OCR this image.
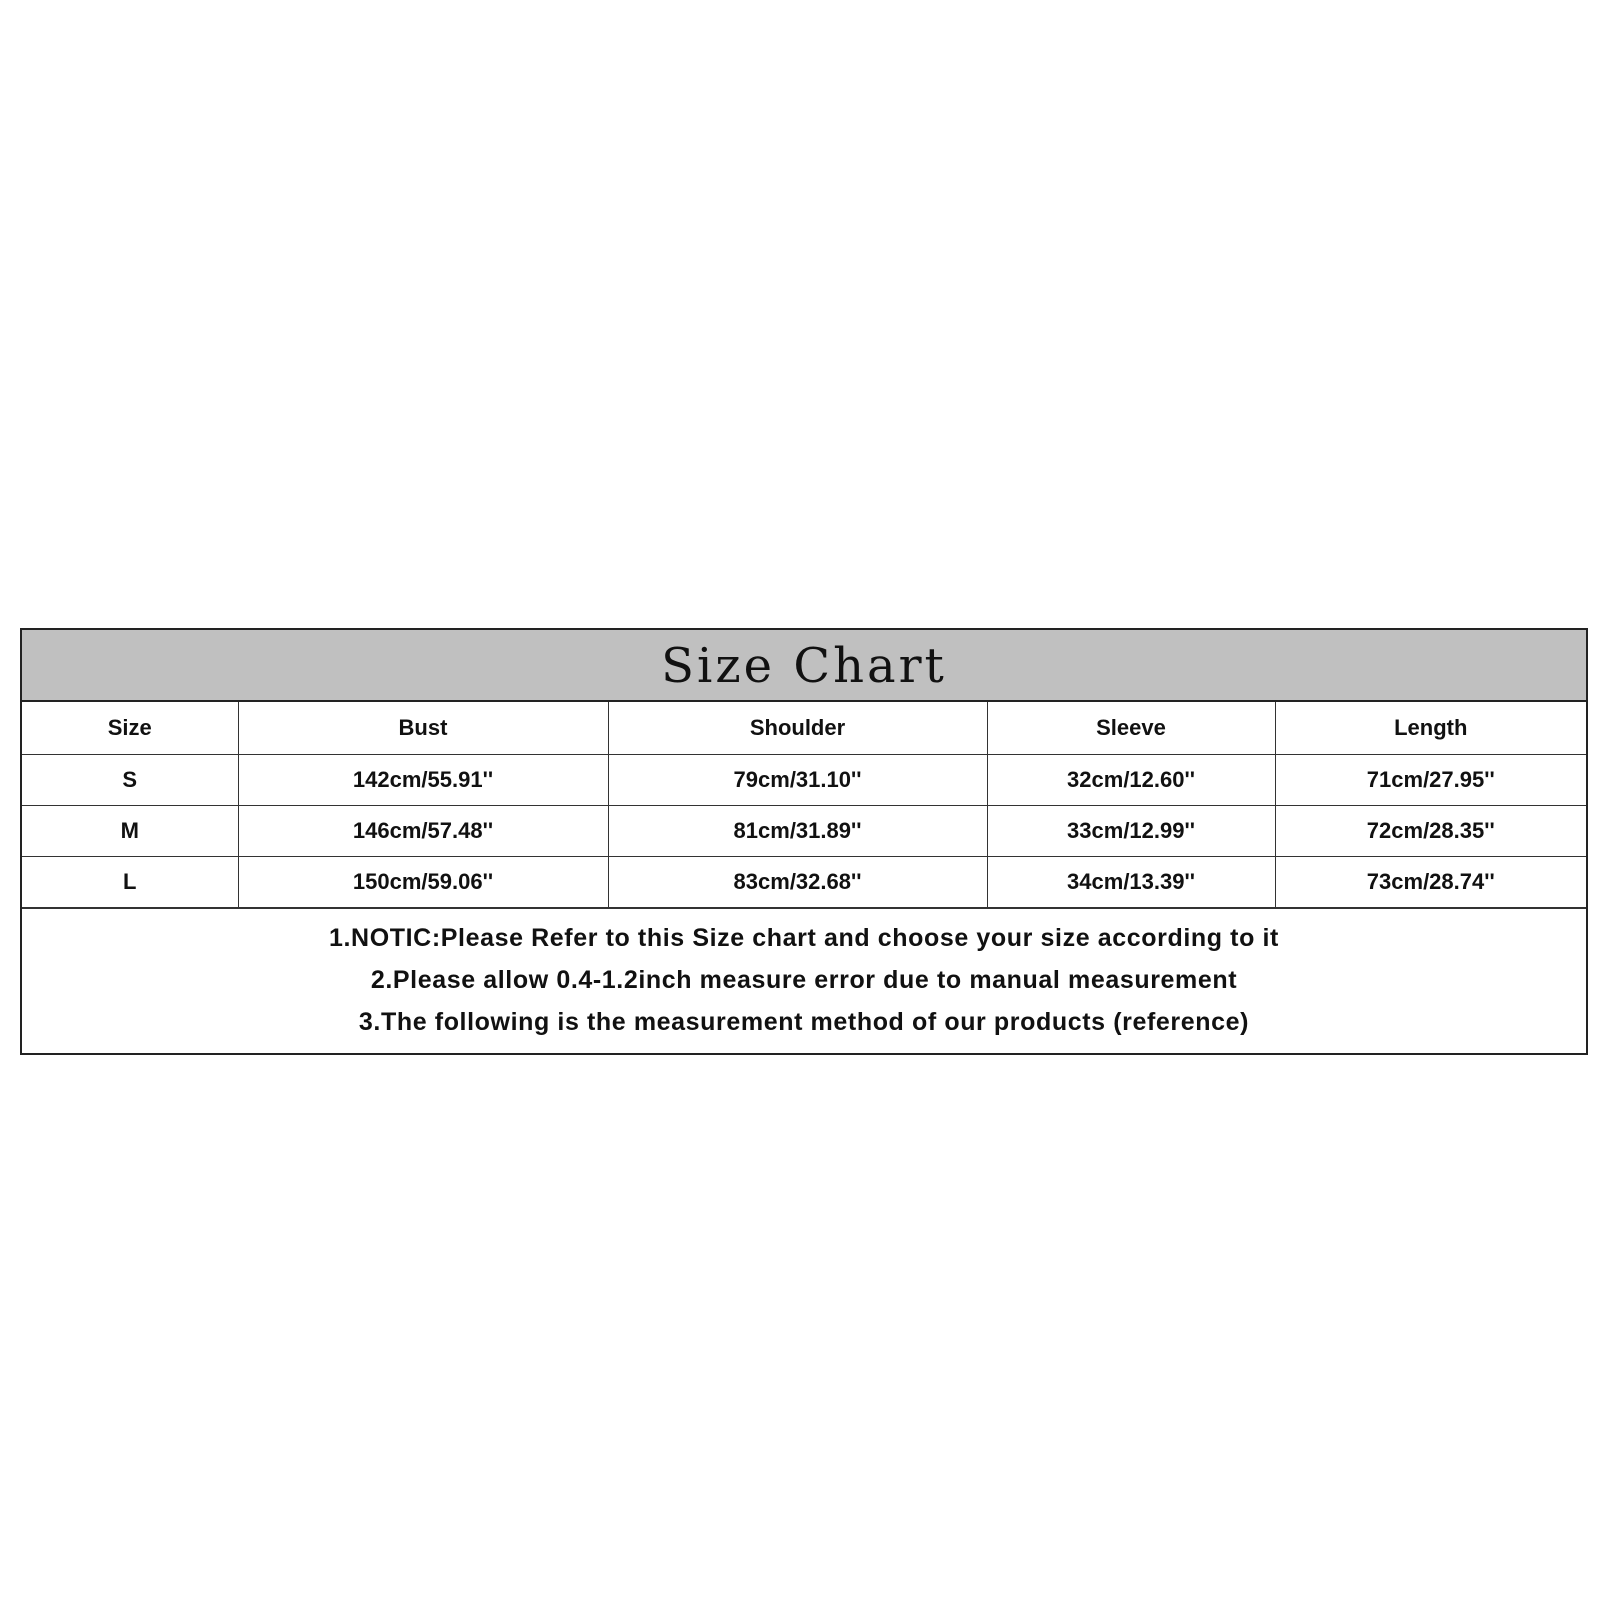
Size Chart
Size	Bust	Shoulder	Sleeve	Length
S	142cm/55.91''	79cm/31.10''	32cm/12.60''	71cm/27.95''
M	146cm/57.48''	81cm/31.89''	33cm/12.99''	72cm/28.35''
L	150cm/59.06''	83cm/32.68''	34cm/13.39''	73cm/28.74''
1.NOTIC:Please Refer to this Size chart and choose your size according to it
2.Please allow 0.4-1.2inch measure error due to manual measurement
3.The following is the measurement method of our products (reference)
